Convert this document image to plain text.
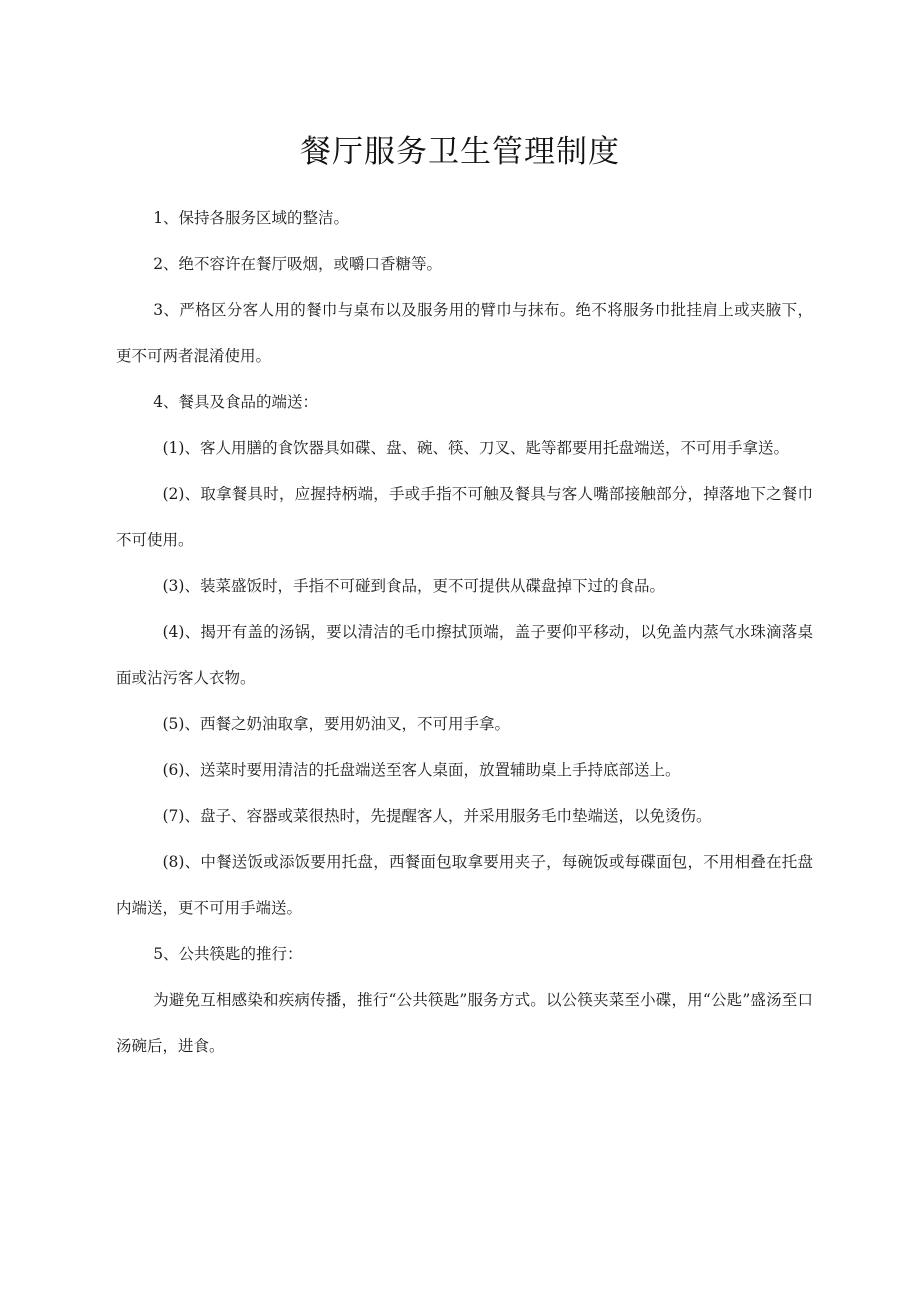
餐厅服务卫生管理制度

1、保持各服务区域的整洁。

2、绝不容许在餐厅吸烟，或嚼口香糖等。

3、严格区分客人用的餐巾与桌布以及服务用的臂巾与抹布。绝不将服务巾批挂肩上或夹腋下，更不可两者混淆使用。

4、餐具及食品的端送：

(1)、客人用膳的食饮器具如碟、盘、碗、筷、刀叉、匙等都要用托盘端送，不可用手拿送。

(2)、取拿餐具时，应握持柄端，手或手指不可触及餐具与客人嘴部接触部分，掉落地下之餐巾不可使用。

(3)、装菜盛饭时，手指不可碰到食品，更不可提供从碟盘掉下过的食品。

(4)、揭开有盖的汤锅，要以清洁的毛巾擦拭顶端，盖子要仰平移动，以免盖内蒸气水珠滴落桌面或沾污客人衣物。

(5)、西餐之奶油取拿，要用奶油叉，不可用手拿。

(6)、送菜时要用清洁的托盘端送至客人桌面，放置辅助桌上手持底部送上。

(7)、盘子、容器或菜很热时，先提醒客人，并采用服务毛巾垫端送，以免烫伤。

(8)、中餐送饭或添饭要用托盘，西餐面包取拿要用夹子，每碗饭或每碟面包，不用相叠在托盘内端送，更不可用手端送。

5、公共筷匙的推行：

为避免互相感染和疾病传播，推行“公共筷匙”服务方式。以公筷夹菜至小碟，用“公匙”盛汤至口汤碗后，进食。
